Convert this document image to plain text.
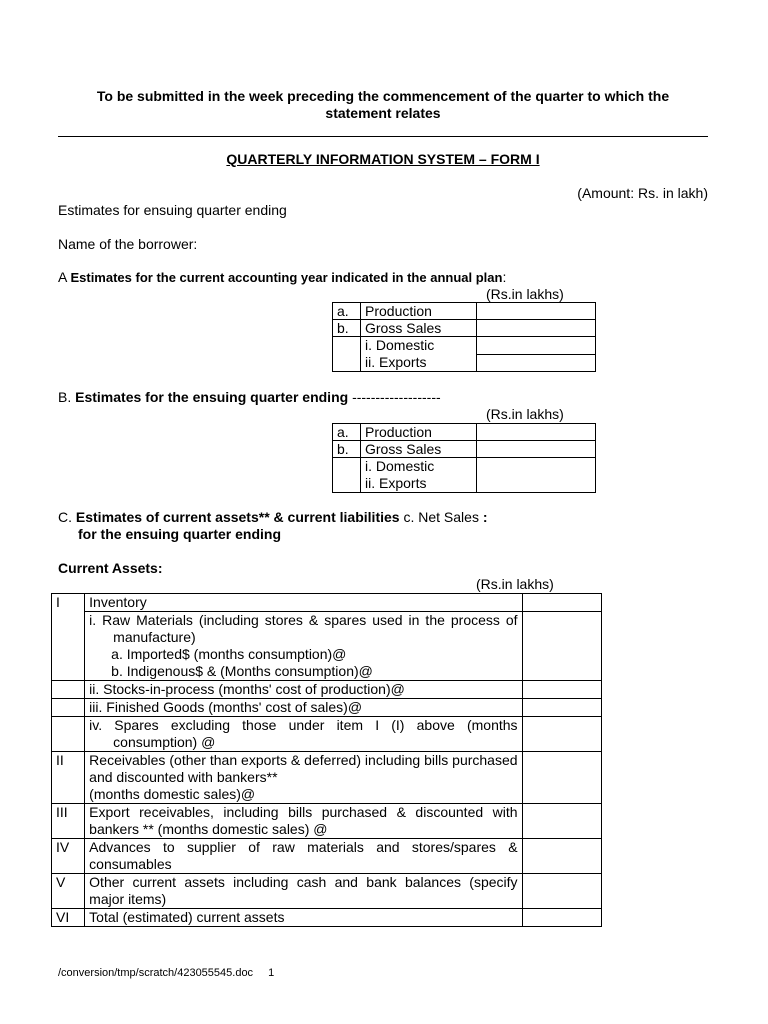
To be submitted in the week preceding the commencement of the quarter to which the
statement relates
QUARTERLY INFORMATION SYSTEM – FORM I
(Amount: Rs. in lakh)
Estimates for ensuing quarter ending
Name of the borrower:
A Estimates for the current accounting year indicated in the annual plan:
(Rs.in lakhs)
a.	Production	
b.	Gross Sales	

	i. Domestic
ii. Exports	

B. Estimates for the ensuing quarter ending -------------------
(Rs.in lakhs)
a.	Production	
b.	Gross Sales	

	i. Domestic
ii. Exports	

C. Estimates of current assets** & current liabilities c. Net Sales :
for the ensuing quarter ending
Current Assets:
(Rs.in lakhs)
I	Inventory	

	i. Raw Materials (including stores & spares used in the process of manufacture)
a. Imported$ (months consumption)@
b. Indigenous$ & (Months consumption)@	

	ii. Stocks-in-process (months' cost of production)@	
	iii. Finished Goods (months' cost of sales)@	

	iv. Spares excluding those under item I (I) above (months consumption) @	

II	Receivables (other than exports & deferred) including bills purchased and discounted with bankers**
(months domestic sales)@	

III	Export receivables, including bills purchased & discounted with bankers ** (months domestic sales) @	
IV	Advances to supplier of raw materials and stores/spares & consumables	
V	Other current assets including cash and bank balances (specify major items)	
VI	Total (estimated) current assets	
/conversion/tmp/scratch/423055545.doc 1
